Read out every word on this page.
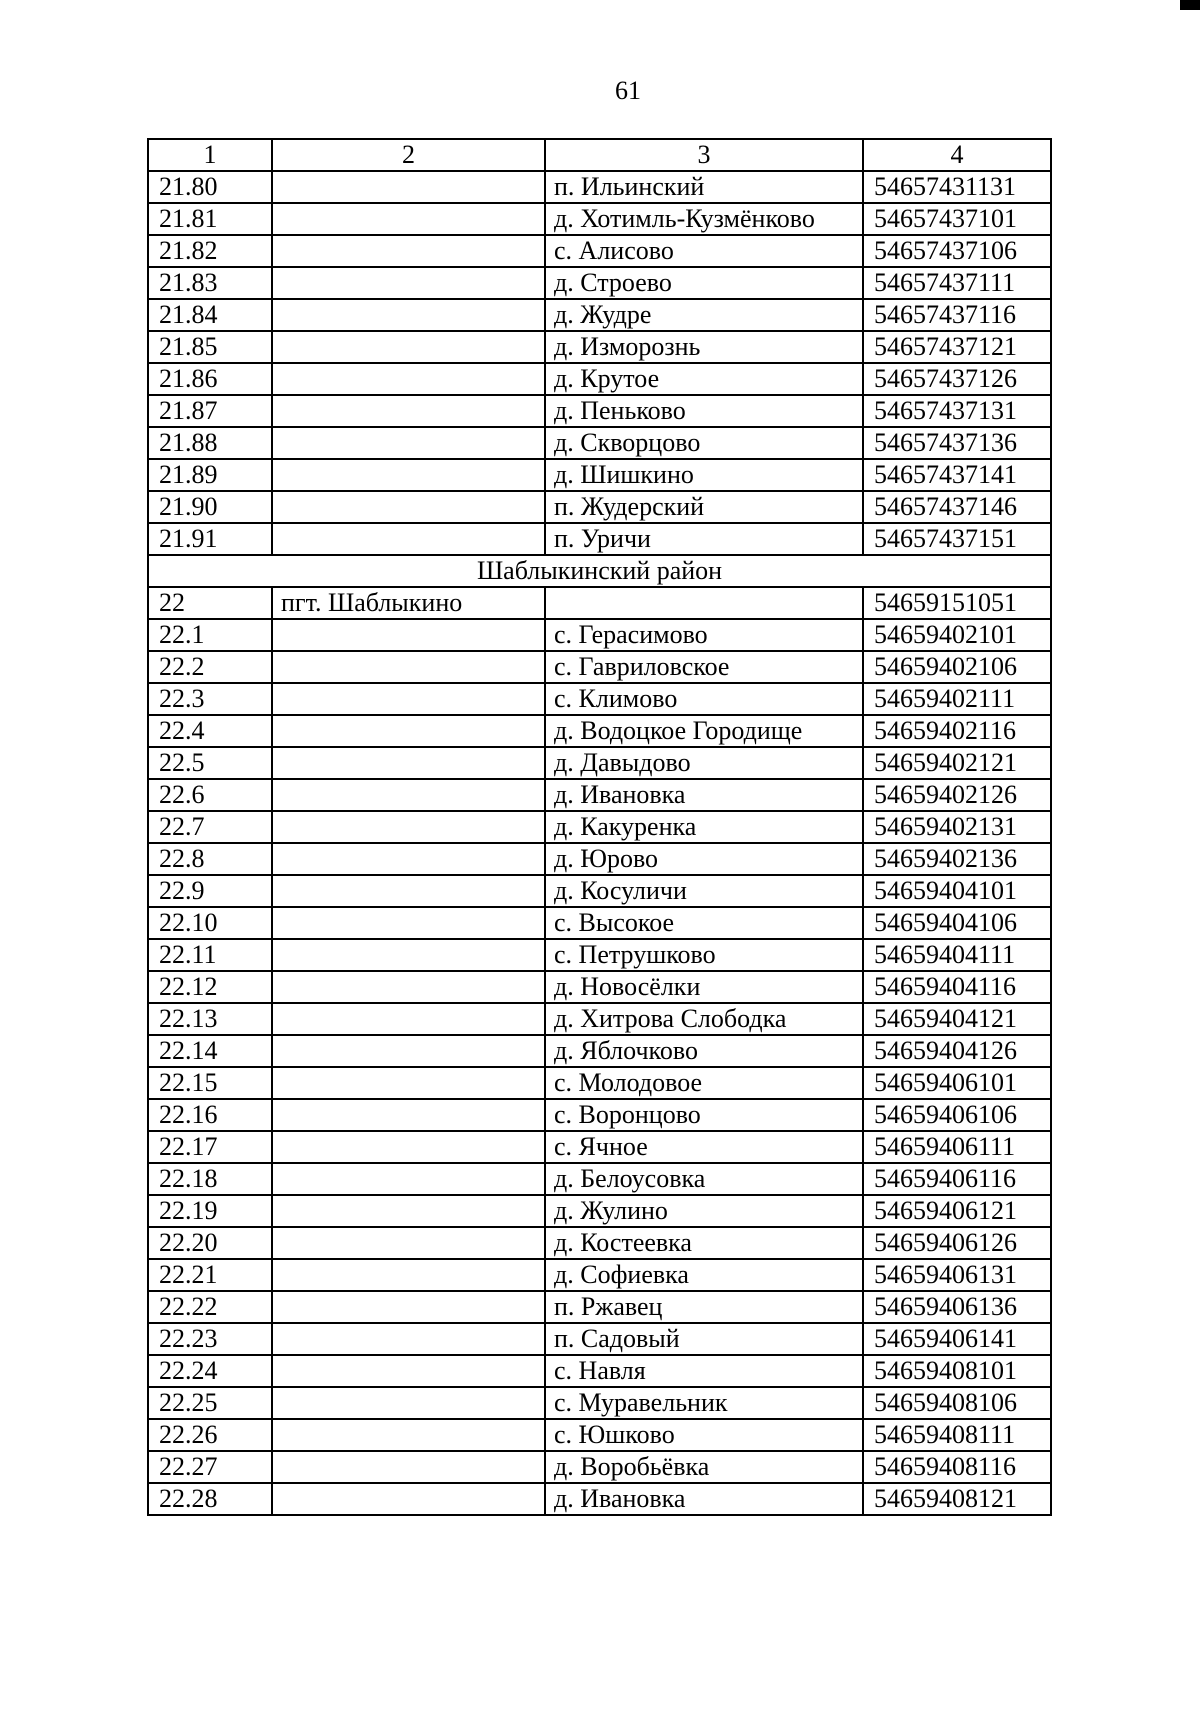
61
1	2	3	4
21.80		п. Ильинский	54657431131
21.81		д. Хотимль-Кузмёнково	54657437101
21.82		с. Алисово	54657437106
21.83		д. Строево	54657437111
21.84		д. Жудре	54657437116
21.85		д. Изморознь	54657437121
21.86		д. Крутое	54657437126
21.87		д. Пеньково	54657437131
21.88		д. Скворцово	54657437136
21.89		д. Шишкино	54657437141
21.90		п. Жудерский	54657437146
21.91		п. Уричи	54657437151
Шаблыкинский район			
22	пгт. Шаблыкино		54659151051
22.1		с. Герасимово	54659402101
22.2		с. Гавриловское	54659402106
22.3		с. Климово	54659402111
22.4		д. Водоцкое Городище	54659402116
22.5		д. Давыдово	54659402121
22.6		д. Ивановка	54659402126
22.7		д. Какуренка	54659402131
22.8		д. Юрово	54659402136
22.9		д. Косуличи	54659404101
22.10		с. Высокое	54659404106
22.11		с. Петрушково	54659404111
22.12		д. Новосёлки	54659404116
22.13		д. Хитрова Слободка	54659404121
22.14		д. Яблочково	54659404126
22.15		с. Молодовое	54659406101
22.16		с. Воронцово	54659406106
22.17		с. Ячное	54659406111
22.18		д. Белоусовка	54659406116
22.19		д. Жулино	54659406121
22.20		д. Костеевка	54659406126
22.21		д. Софиевка	54659406131
22.22		п. Ржавец	54659406136
22.23		п. Садовый	54659406141
22.24		с. Навля	54659408101
22.25		с. Муравельник	54659408106
22.26		с. Юшково	54659408111
22.27		д. Воробьёвка	54659408116
22.28		д. Ивановка	54659408121
